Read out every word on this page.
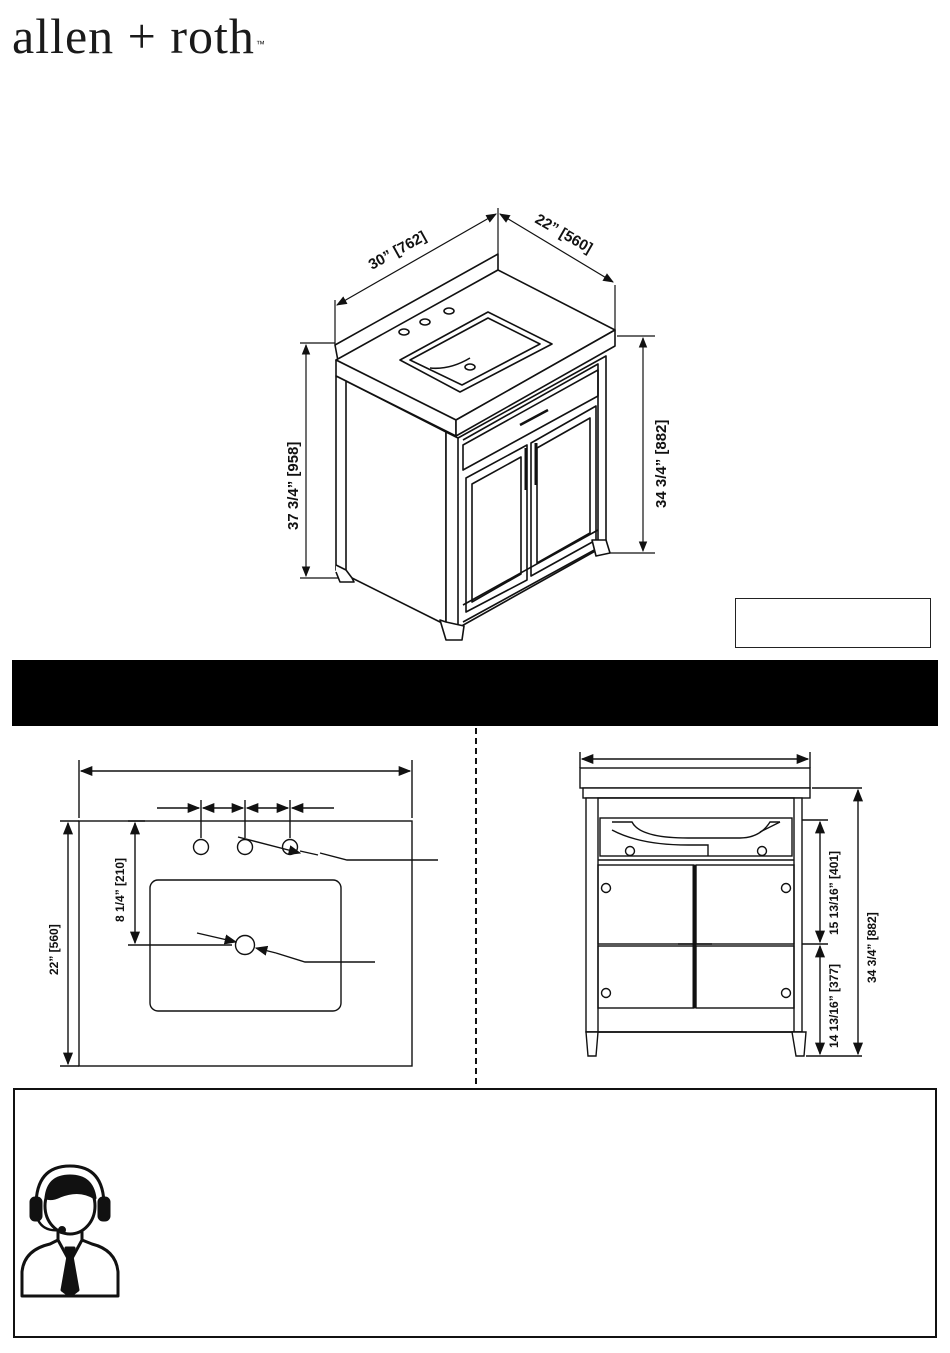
allen + roth™
30” [762]	22” [560]
37 3/4” [958]	34 3/4” [882]
22” [560]
8 1/4” [210]	15 13/16” [401]
14 13/16” [377]
34 3/4” [882]
